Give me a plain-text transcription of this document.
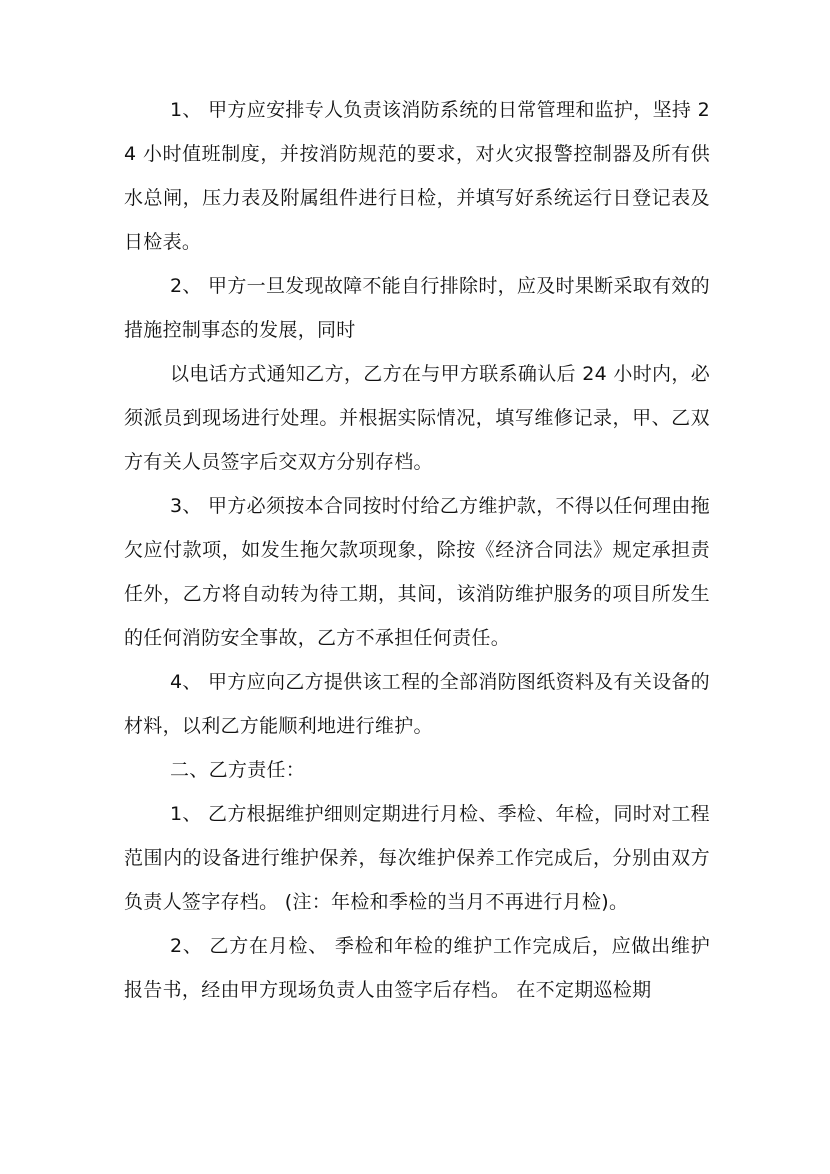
1、 甲方应安排专人负责该消防系统的日常管理和监护，坚持 24 小时值班制度，并按消防规范的要求，对火灾报警控制器及所有供水总闸，压力表及附属组件进行日检，并填写好系统运行日登记表及日检表。

2、 甲方一旦发现故障不能自行排除时，应及时果断采取有效的措施控制事态的发展，同时

以电话方式通知乙方，乙方在与甲方联系确认后 24 小时内，必须派员到现场进行处理。并根据实际情况，填写维修记录，甲、乙双方有关人员签字后交双方分别存档。

3、 甲方必须按本合同按时付给乙方维护款，不得以任何理由拖欠应付款项，如发生拖欠款项现象，除按《经济合同法》规定承担责任外，乙方将自动转为待工期，其间，该消防维护服务的项目所发生的任何消防安全事故，乙方不承担任何责任。

4、 甲方应向乙方提供该工程的全部消防图纸资料及有关设备的材料，以利乙方能顺利地进行维护。

二、乙方责任：

1、 乙方根据维护细则定期进行月检、季检、年检，同时对工程范围内的设备进行维护保养，每次维护保养工作完成后，分别由双方负责人签字存档。 (注：年检和季检的当月不再进行月检)。

2、 乙方在月检、 季检和年检的维护工作完成后，应做出维护报告书，经由甲方现场负责人由签字后存档。 在不定期巡检期
